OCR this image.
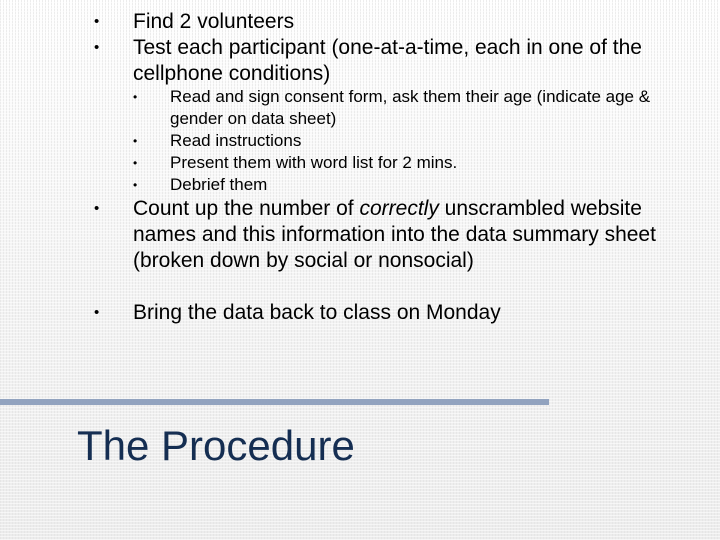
• Find 2 volunteers
• Test each participant (one-at-a-time, each in one of the cellphone conditions)
• Read and sign consent form, ask them their age (indicate age & gender on data sheet)
• Read instructions
• Present them with word list for 2 mins.
• Debrief them
• Count up the number of correctly unscrambled website names and this information into the data summary sheet (broken down by social or nonsocial)
• Bring the data back to class on Monday
The Procedure
